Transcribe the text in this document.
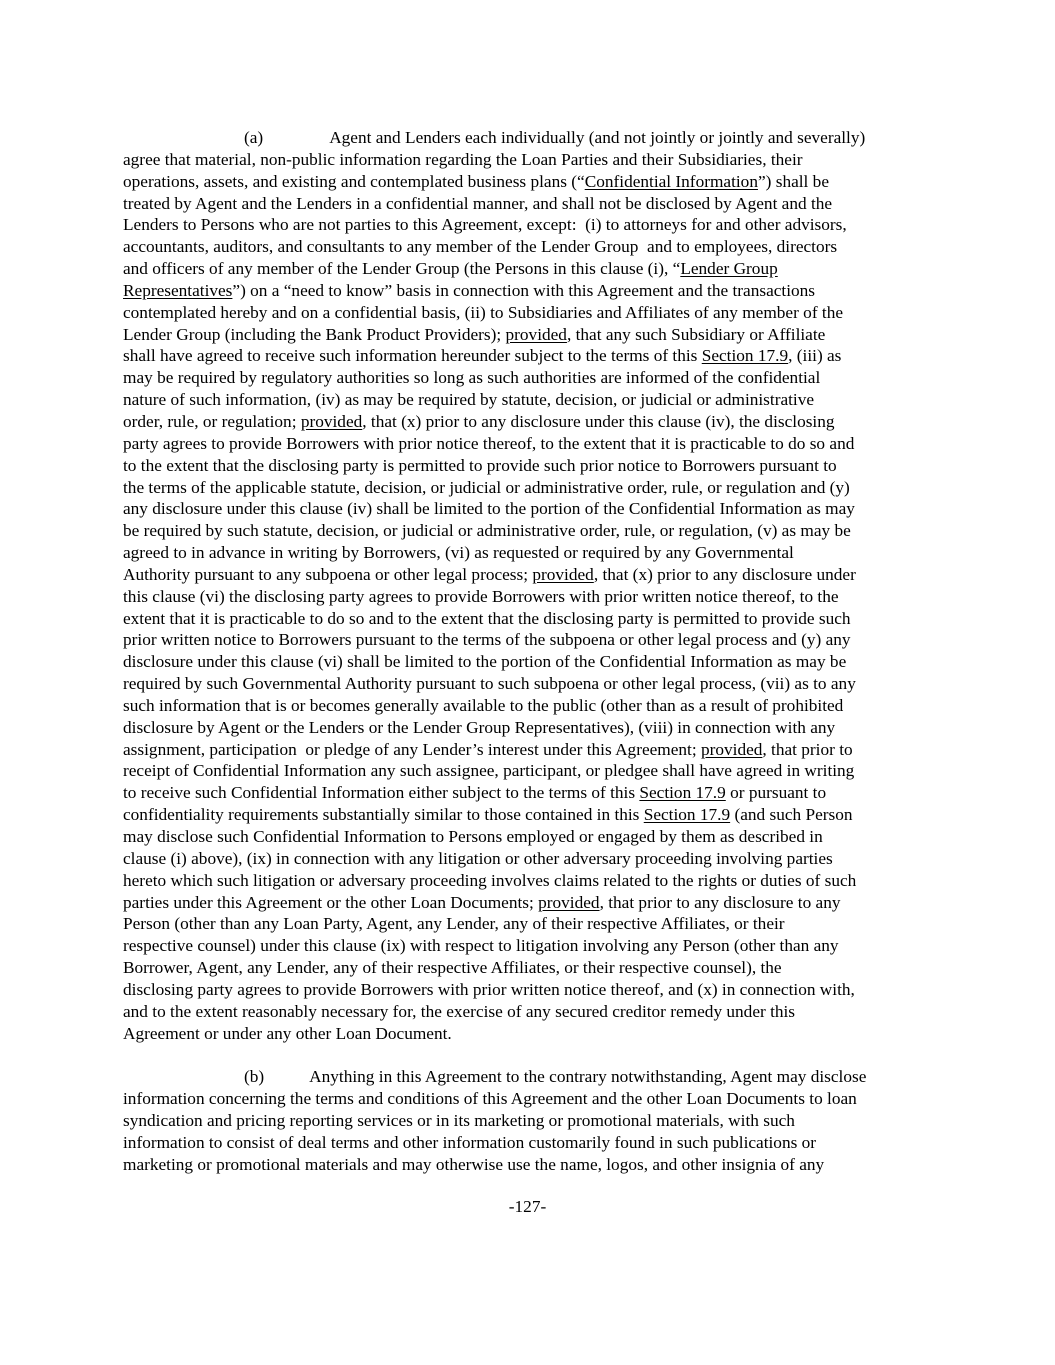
(a)	Agent and Lenders each individually (and not jointly or jointly and severally)
agree that material, non-public information regarding the Loan Parties and their Subsidiaries, their
operations, assets, and existing and contemplated business plans (“Confidential Information”) shall be
treated by Agent and the Lenders in a confidential manner, and shall not be disclosed by Agent and the
Lenders to Persons who are not parties to this Agreement, except:  (i) to attorneys for and other advisors,
accountants, auditors, and consultants to any member of the Lender Group  and to employees, directors
and officers of any member of the Lender Group (the Persons in this clause (i), “Lender Group
Representatives”) on a “need to know” basis in connection with this Agreement and the transactions
contemplated hereby and on a confidential basis, (ii) to Subsidiaries and Affiliates of any member of the
Lender Group (including the Bank Product Providers); provided, that any such Subsidiary or Affiliate
shall have agreed to receive such information hereunder subject to the terms of this Section 17.9, (iii) as
may be required by regulatory authorities so long as such authorities are informed of the confidential
nature of such information, (iv) as may be required by statute, decision, or judicial or administrative
order, rule, or regulation; provided, that (x) prior to any disclosure under this clause (iv), the disclosing
party agrees to provide Borrowers with prior notice thereof, to the extent that it is practicable to do so and
to the extent that the disclosing party is permitted to provide such prior notice to Borrowers pursuant to
the terms of the applicable statute, decision, or judicial or administrative order, rule, or regulation and (y)
any disclosure under this clause (iv) shall be limited to the portion of the Confidential Information as may
be required by such statute, decision, or judicial or administrative order, rule, or regulation, (v) as may be
agreed to in advance in writing by Borrowers, (vi) as requested or required by any Governmental
Authority pursuant to any subpoena or other legal process; provided, that (x) prior to any disclosure under
this clause (vi) the disclosing party agrees to provide Borrowers with prior written notice thereof, to the
extent that it is practicable to do so and to the extent that the disclosing party is permitted to provide such
prior written notice to Borrowers pursuant to the terms of the subpoena or other legal process and (y) any
disclosure under this clause (vi) shall be limited to the portion of the Confidential Information as may be
required by such Governmental Authority pursuant to such subpoena or other legal process, (vii) as to any
such information that is or becomes generally available to the public (other than as a result of prohibited
disclosure by Agent or the Lenders or the Lender Group Representatives), (viii) in connection with any
assignment, participation  or pledge of any Lender’s interest under this Agreement; provided, that prior to
receipt of Confidential Information any such assignee, participant, or pledgee shall have agreed in writing
to receive such Confidential Information either subject to the terms of this Section 17.9 or pursuant to
confidentiality requirements substantially similar to those contained in this Section 17.9 (and such Person
may disclose such Confidential Information to Persons employed or engaged by them as described in
clause (i) above), (ix) in connection with any litigation or other adversary proceeding involving parties
hereto which such litigation or adversary proceeding involves claims related to the rights or duties of such
parties under this Agreement or the other Loan Documents; provided, that prior to any disclosure to any
Person (other than any Loan Party, Agent, any Lender, any of their respective Affiliates, or their
respective counsel) under this clause (ix) with respect to litigation involving any Person (other than any
Borrower, Agent, any Lender, any of their respective Affiliates, or their respective counsel), the
disclosing party agrees to provide Borrowers with prior written notice thereof, and (x) in connection with,
and to the extent reasonably necessary for, the exercise of any secured creditor remedy under this
Agreement or under any other Loan Document.
(b)	Anything in this Agreement to the contrary notwithstanding, Agent may disclose
information concerning the terms and conditions of this Agreement and the other Loan Documents to loan
syndication and pricing reporting services or in its marketing or promotional materials, with such
information to consist of deal terms and other information customarily found in such publications or
marketing or promotional materials and may otherwise use the name, logos, and other insignia of any
-127-
